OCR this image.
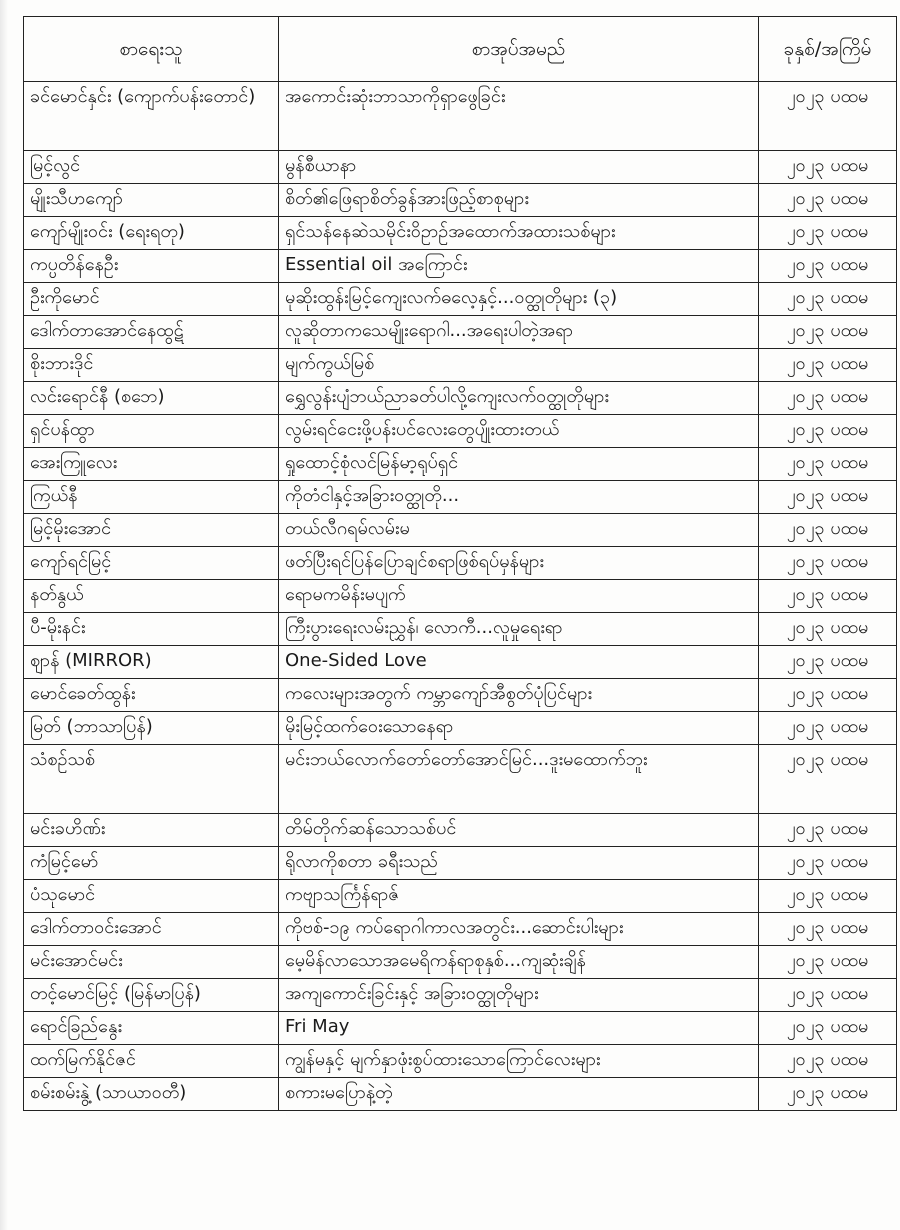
စာရေးသူ	စာအုပ်အမည်	ခုနှစ်/အကြိမ်
ခင်မောင်နှင်း (ကျောက်ပန်းတောင်)	အကောင်းဆုံးဘာသာကိုရှာဖွေခြင်း	၂၀၂၃ ပထမ
မြင့်လွင်	မွန်စီယာနာ	၂၀၂၃ ပထမ
မျိုးသီဟကျော်	စိတ်၏ဖြေရာစိတ်ခွန်အားဖြည့်စာစုများ	၂၀၂၃ ပထမ
ကျော်မျိုးဝင်း (ရေးရတု)	ရှင်သန်နေဆဲသမိုင်းဝိဥာဉ်အထောက်အထားသစ်များ	၂၀၂၃ ပထမ
ကပ္ပတိန်နေဦး	Essential oil အကြောင်း	၂၀၂၃ ပထမ
ဦးကိုမောင်	မုဆိုးထွန်းမြင့်ကျေးလက်ဓလေ့နှင့်...ဝတ္ထုတိုများ (၃)	၂၀၂၃ ပထမ
ဒေါက်တာအောင်နေထွဋ်	လူဆိုတာကသေမျိုးရောဂါ...အရေးပါတဲ့အရာ	၂၀၂၃ ပထမ
စိုးဘားဒိုင်	မျက်ကွယ်မြစ်	၂၀၂၃ ပထမ
လင်းရောင်နီ (စဘေ)	ရွှေလွန်းပျံဘယ်ညာခတ်ပါလို့ကျေးလက်ဝတ္ထုတိုများ	၂၀၂၃ ပထမ
ရှင်ပန်ထွာ	လွမ်းရင်ငေးဖို့ပန်းပင်လေးတွေပျိုးထားတယ်	၂၀၂၃ ပထမ
အေးကြူလေး	ရှုထောင့်စုံလင်မြန်မာ့ရုပ်ရှင်	၂၀၂၃ ပထမ
ကြယ်နီ	ကိုတံငါနှင့်အခြားဝတ္ထုတို...	၂၀၂၃ ပထမ
မြင့်မိုးအောင်	တယ်လီဂရမ်လမ်းမ	၂၀၂၃ ပထမ
ကျော်ရင်မြင့်	ဖတ်ပြီးရင်ပြန်ပြောချင်စရာဖြစ်ရပ်မှန်များ	၂၀၂၃ ပထမ
နတ်နွယ်	ရောမကမိန်းမပျက်	၂၀၂၃ ပထမ
ပီ-မိုးနင်း	ကြီးပွားရေးလမ်းညွှန်၊ လောကီ...လူမှုရေးရာ	၂၀၂၃ ပထမ
ဈာန် (MIRROR)	One-Sided Love	၂၀၂၃ ပထမ
မောင်ခေတ်ထွန်း	ကလေးများအတွက် ကမ္ဘာကျော်အီစွတ်ပုံပြင်များ	၂၀၂၃ ပထမ
မြတ် (ဘာသာပြန်)	မိုးမြင့်ထက်ဝေးသောနေရာ	၂၀၂၃ ပထမ
သံစဉ်သစ်	မင်းဘယ်လောက်တော်တော်အောင်မြင်...ဒူးမထောက်ဘူး	၂၀၂၃ ပထမ
မင်းခဟိဏ်း	တိမ်တိုက်ဆန်သောသစ်ပင်	၂၀၂၃ ပထမ
ကံမြင့်မော်	ရိုလာကိုစတာ ခရီးသည်	၂၀၂၃ ပထမ
ပံသုမောင်	ကဗျာသင်္ကြန်ရာဇ်	၂၀၂၃ ပထမ
ဒေါက်တာဝင်းအောင်	ကိုဗစ်-၁၉ ကပ်ရောဂါကာလအတွင်း...ဆောင်းပါးများ	၂၀၂၃ ပထမ
မင်းအောင်မင်း	မေ့မိန်လာသောအမေရိကန်ရာစုနှစ်...ကျဆုံးချိန်	၂၀၂၃ ပထမ
တင့်မောင်မြင့် (မြန်မာပြန်)	အကျကောင်းခြင်းနှင့် အခြားဝတ္ထုတိုများ	၂၀၂၃ ပထမ
ရောင်ခြည်နွေး	Fri May	၂၀၂၃ ပထမ
ထက်မြက်နိုင်ဇင်	ကျွန်မနှင့် မျက်နှာဖုံးစွပ်ထားသောကြောင်လေးများ	၂၀၂၃ ပထမ
စမ်းစမ်းနွဲ့ (သာယာဝတီ)	စကားမပြောနဲ့တဲ့	၂၀၂၃ ပထမ
